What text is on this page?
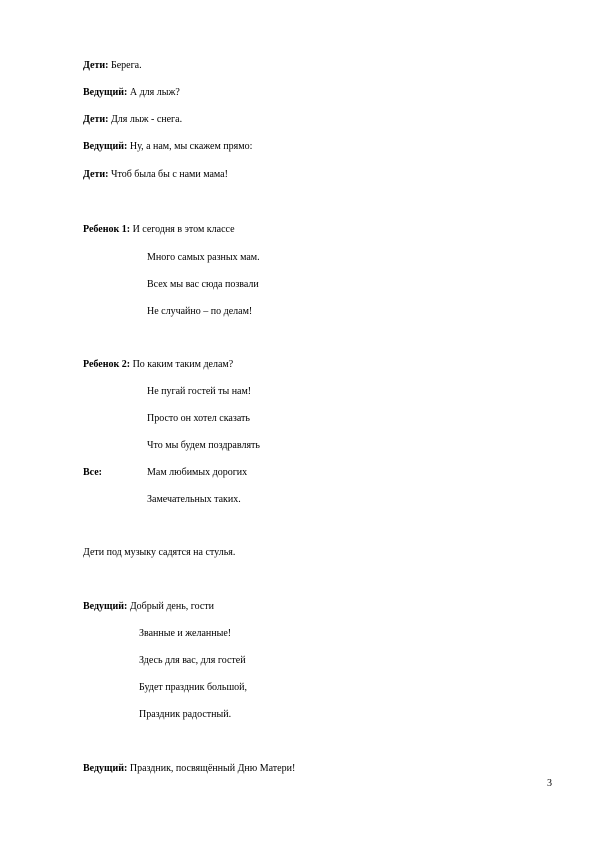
Дети: Берега.
Ведущий: А для лыж?
Дети: Для лыж - снега.
Ведущий: Ну, а нам, мы скажем прямо:
Дети: Чтоб была бы с нами мама!
Ребенок 1: И сегодня в этом классе
Много самых разных мам.
Всех мы вас сюда позвали
Не случайно – по делам!
Ребенок 2: По каким таким делам?
Не пугай гостей ты нам!
Просто он хотел сказать
Что мы будем поздравлять
Все:	Мам любимых дорогих
Замечательных таких.
Дети под музыку садятся на стулья.
Ведущий: Добрый день, гости
Званные и желанные!
Здесь для вас, для гостей
Будет праздник большой,
Праздник радостный.
Ведущий: Праздник, посвящённый Дню Матери!
3
